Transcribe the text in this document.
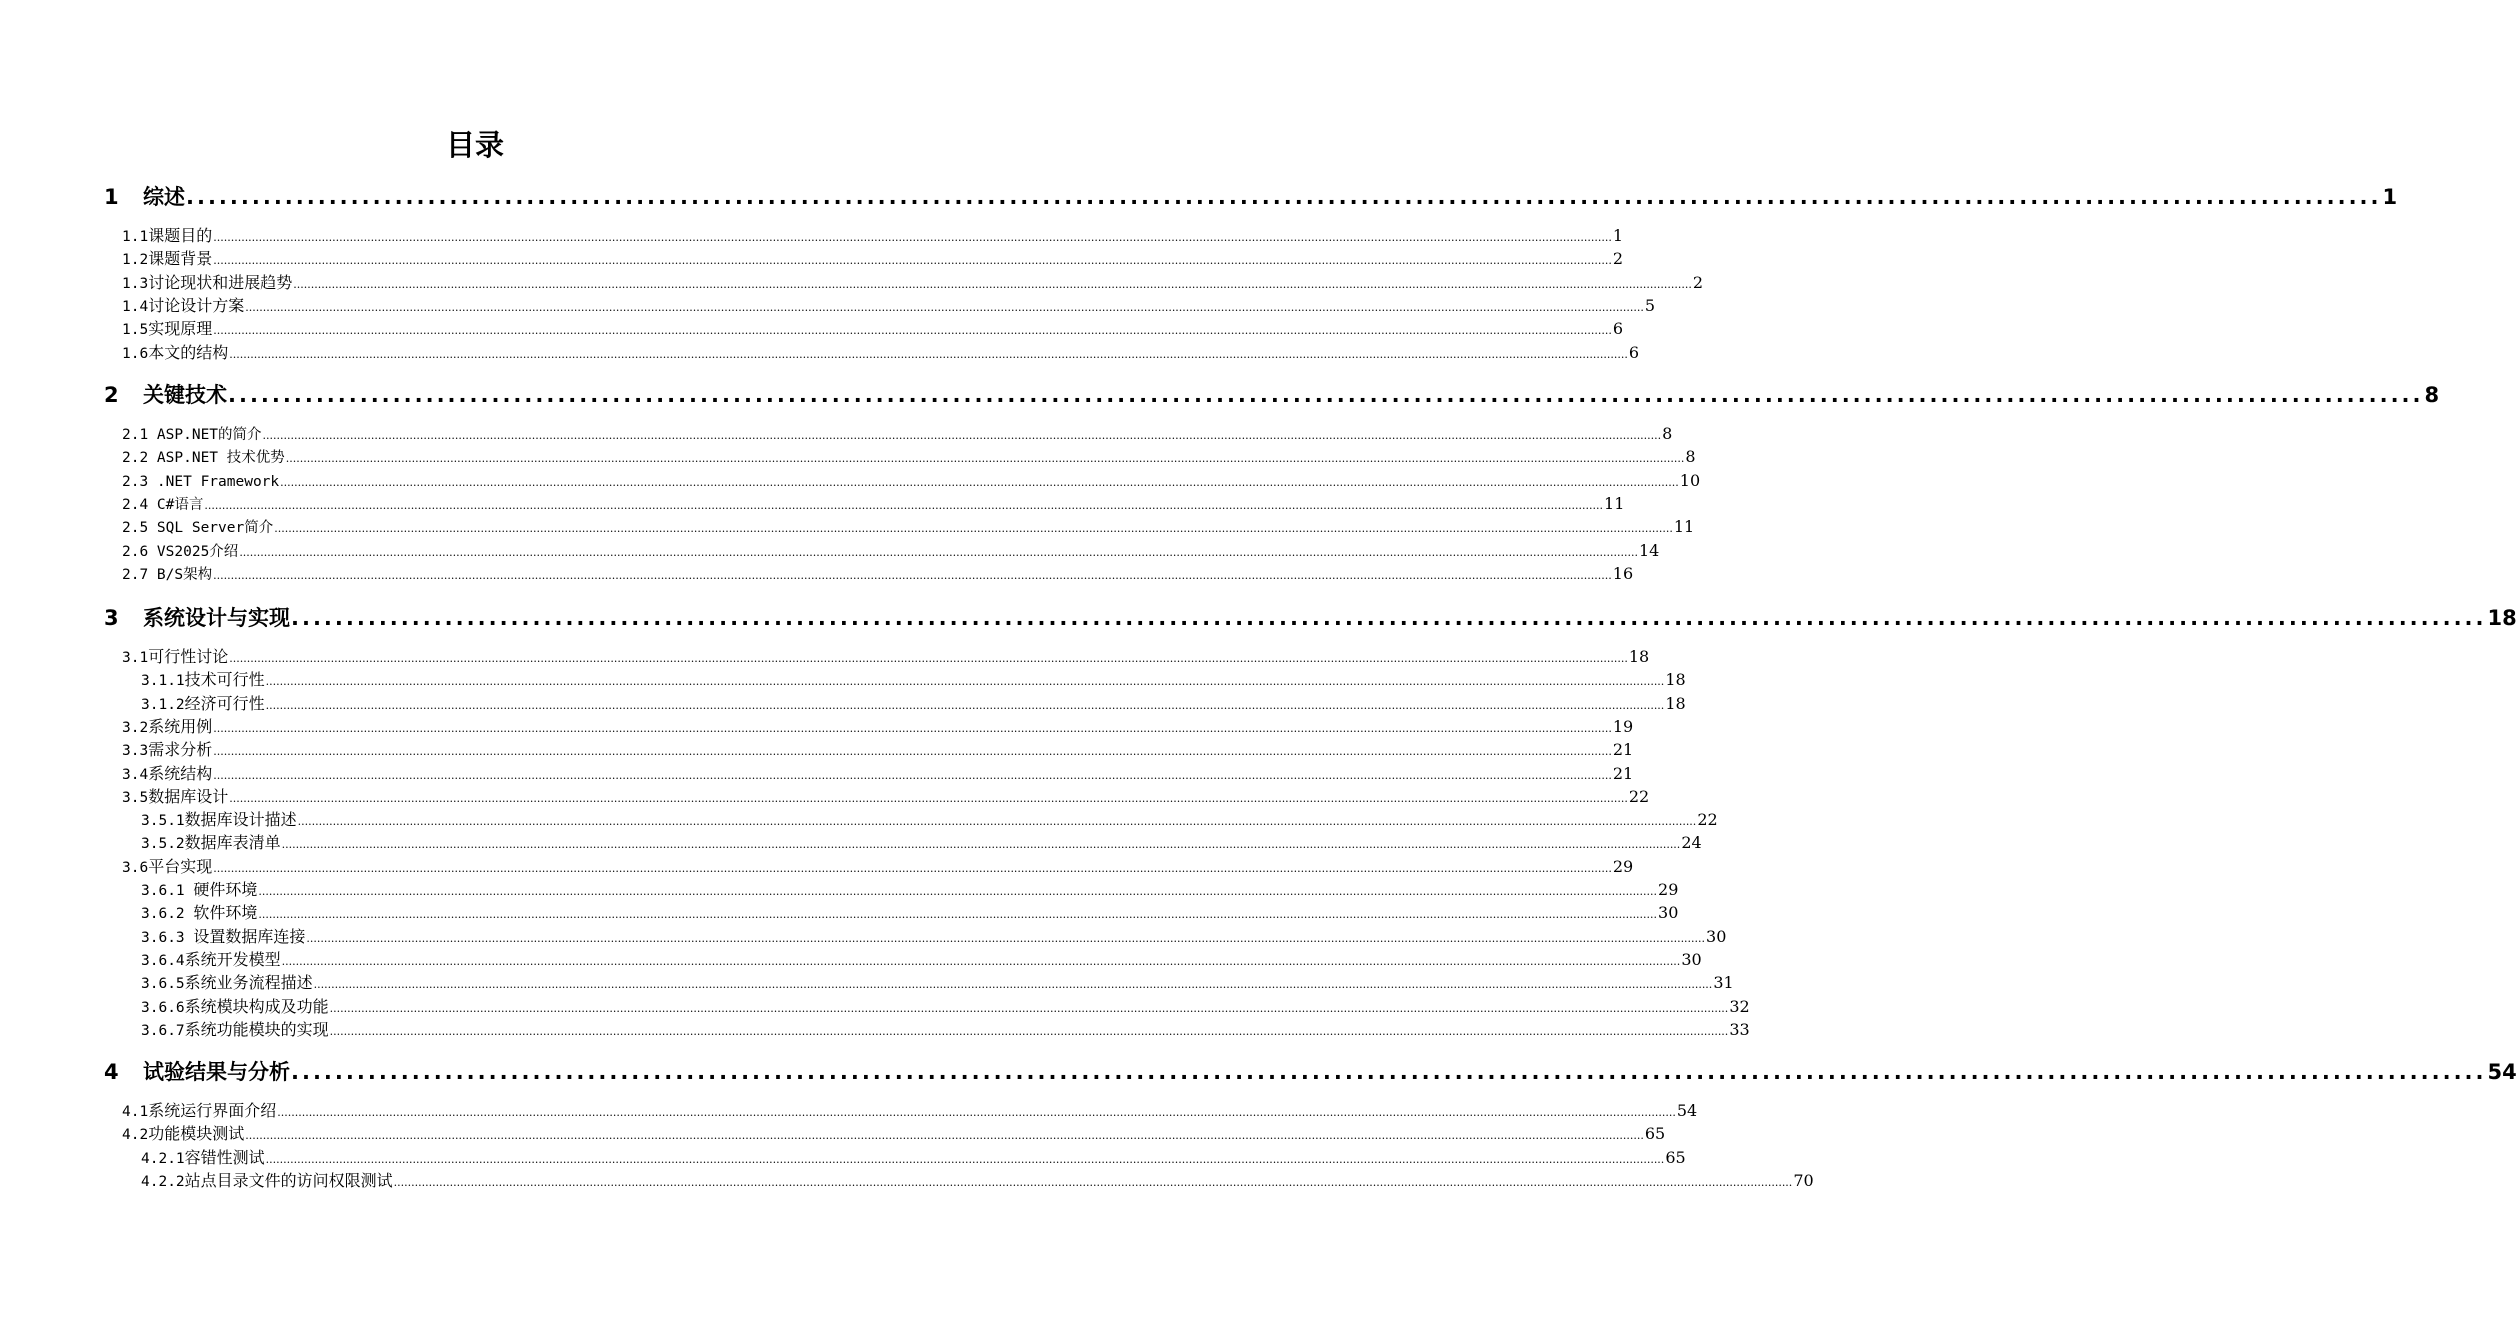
目录
1 综述 ........................................................................................................................................................................................................ 1
1.1课题目的 ................................................................................................................................................................................................................................................................................................................................................................................................................ 1
1.2课题背景 ................................................................................................................................................................................................................................................................................................................................................................................................................ 2
1.3讨论现状和进展趋势 ................................................................................................................................................................................................................................................................................................................................................................................................................ 2
1.4讨论设计方案 ................................................................................................................................................................................................................................................................................................................................................................................................................ 5
1.5实现原理 ................................................................................................................................................................................................................................................................................................................................................................................................................ 6
1.6本文的结构 ................................................................................................................................................................................................................................................................................................................................................................................................................ 6
2 关键技术 ........................................................................................................................................................................................................ 8
2.1 ASP.NET的简介 ................................................................................................................................................................................................................................................................................................................................................................................................................ 8
2.2 ASP.NET 技术优势 ................................................................................................................................................................................................................................................................................................................................................................................................................ 8
2.3 .NET Framework ................................................................................................................................................................................................................................................................................................................................................................................................................ 10
2.4 C#语言 ................................................................................................................................................................................................................................................................................................................................................................................................................ 11
2.5 SQL Server简介 ................................................................................................................................................................................................................................................................................................................................................................................................................ 11
2.6 VS2025介绍 ................................................................................................................................................................................................................................................................................................................................................................................................................ 14
2.7 B/S架构 ................................................................................................................................................................................................................................................................................................................................................................................................................ 16
3 系统设计与实现 ........................................................................................................................................................................................................ 18
3.1可行性讨论 ................................................................................................................................................................................................................................................................................................................................................................................................................ 18
3.1.1技术可行性 ................................................................................................................................................................................................................................................................................................................................................................................................................ 18
3.1.2经济可行性 ................................................................................................................................................................................................................................................................................................................................................................................................................ 18
3.2系统用例 ................................................................................................................................................................................................................................................................................................................................................................................................................ 19
3.3需求分析 ................................................................................................................................................................................................................................................................................................................................................................................................................ 21
3.4系统结构 ................................................................................................................................................................................................................................................................................................................................................................................................................ 21
3.5数据库设计 ................................................................................................................................................................................................................................................................................................................................................................................................................ 22
3.5.1数据库设计描述 ................................................................................................................................................................................................................................................................................................................................................................................................................ 22
3.5.2数据库表清单 ................................................................................................................................................................................................................................................................................................................................................................................................................ 24
3.6平台实现 ................................................................................................................................................................................................................................................................................................................................................................................................................ 29
3.6.1 硬件环境 ................................................................................................................................................................................................................................................................................................................................................................................................................ 29
3.6.2 软件环境 ................................................................................................................................................................................................................................................................................................................................................................................................................ 30
3.6.3 设置数据库连接 ................................................................................................................................................................................................................................................................................................................................................................................................................ 30
3.6.4系统开发模型 ................................................................................................................................................................................................................................................................................................................................................................................................................ 30
3.6.5系统业务流程描述 ................................................................................................................................................................................................................................................................................................................................................................................................................ 31
3.6.6系统模块构成及功能 ................................................................................................................................................................................................................................................................................................................................................................................................................ 32
3.6.7系统功能模块的实现 ................................................................................................................................................................................................................................................................................................................................................................................................................ 33
4 试验结果与分析 ........................................................................................................................................................................................................ 54
4.1系统运行界面介绍 ................................................................................................................................................................................................................................................................................................................................................................................................................ 54
4.2功能模块测试 ................................................................................................................................................................................................................................................................................................................................................................................................................ 65
4.2.1容错性测试 ................................................................................................................................................................................................................................................................................................................................................................................................................ 65
4.2.2站点目录文件的访问权限测试 ................................................................................................................................................................................................................................................................................................................................................................................................................ 70
